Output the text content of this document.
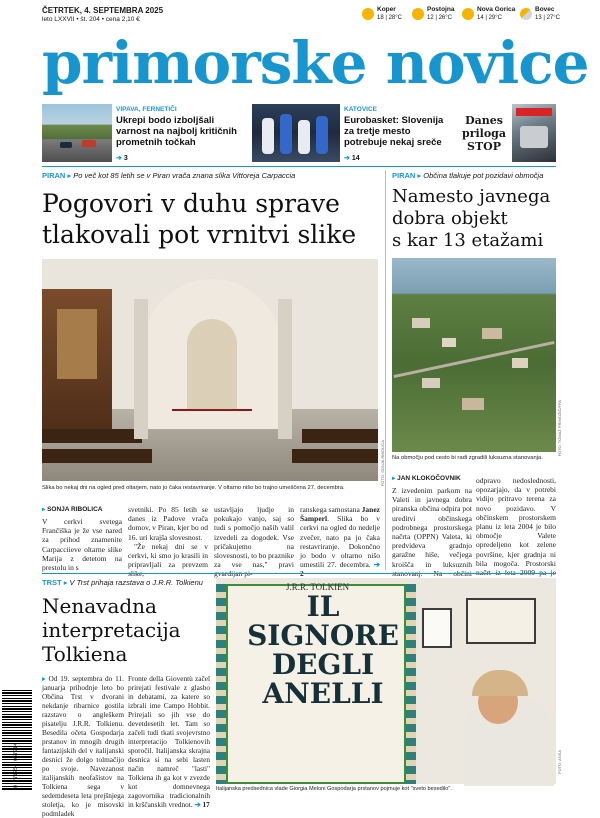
ČETRTEK, 4. SEPTEMBRA 2025
leto LXXVII • št. 204 • cena 2,10 €
Koper
18 | 28°C
Postojna
12 | 26°C
Nova Gorica
14 | 29°C
Bovec
13 | 27°C
primorske novice
VIPAVA, FERNETIČI
Ukrepi bodo izboljšali varnost na najbolj kritičnih prometnih točkah
➔ 3
KATOVICE
Eurobasket: Slovenija za tretje mesto potrebuje nekaj sreče
➔ 14
Danes
priloga
STOP
PIRAN ▸ Po več kot 85 letih se v Piran vrača znana slika Vittoreja Carpaccia
Pogovori v duhu sprave
tlakovali pot vrnitvi slike
FOTO: SONJA RIBOLICA
Slika bo nekaj dni na ogled pred oltarjem, nato jo čaka restavriranje. V oltarno nišo bo trajno umeščena 27. decembra.
▸ SONJA RIBOLICA
V cerkvi svetega Frančiška je že vse nared za prihod znamenite Carpacciieve oltarne slike Marija z detetom na prestolu in s

svetniki. Po 85 letih se danes iz Padove vrača domov, v Piran, kjer bo od 16. uri krajša slovesnost.

"Že nekaj dni se v cerkvi, ki smo jo krasili in pripravljali za prevzem

ustavljajo ljudje in pokukajo vanjo, saj so tudi s pomočjo naših valil izvedeli za dogodek. Vse pričakujemo na slovesnosti, to bo praznike za vse nas," pravi
ranskega samostana Janez Šamperl. Slika bo v cerkvi na ogled do nedelje zvečer, nato pa jo čaka restavriranje. Dokončno jo bodo v oltarno nišo umestili 27. decembra. ➔
PIRAN ▸ Občina tlakuje pot pozidavi območja
Namesto javnega
dobra objekt
s kar 13 etažami
FOTO: TOMAŽ PRIMOŽIČ/FPA
Na območju pod cesto bi radi zgradili luksuzna stanovanja.
▸ JAN KLOKOČOVNIK
Z izvedenim parkom na Valeti in javnega dobra piranska občina odpira pot ureditvi občinskega podrobnega prostorskega načrta (OPPN) Valeta, ki predvideva gradnjo garažne hiše, večjega kroišča in luksuznih
odpravo nedoslednosti, opozarjajo, da v potrebi vidijo pritravo terena za novo pozidavo. V občinskem prostorskem planu iz leta 2004 je bilo območje Valete opredeljeno kot zelene površine, kjer gradnja ni bila mogoča. Prostorski
TRST ▸ V Trst prihaja razstava o J.R.R. Tolkienu
Nenavadna
interpretacija
Tolkiena
▸ Od 19. septembra do 11. januarja prihodnje leto bo Občina Trst v dvorani nekdanje ribarnice gostila razstavo o angleškem pisatelju J.R.R. Tolkienu. Besedila očeta Gospodarja prstanov in mnogih drugih fantazijskih del v italijanski desnici že dolgo tolmačijo po svoje. Navezanost italijanskih neofašistov na Tolkiena sega v sedemdeseta leta prejšnjega stoletja, ko je misovski podmladek
Fronte della Gioventù začel prirejati festivale z glasbo in debatami, za katere so izbrali ime Campo Hobbit. Prirejali so jih vse do devetdesetih let. Tam so začeli tudi tkati svojevrstno interpretacijo Tolkienovih sporočil. Italijanska skrajna desnica si na sebi lasten način namreč "lasti" Tolkiena ih ga kot v zvezde kot domnevnega zagovornika tradicionalnih in krščanskih vrednot. ➔ 17
J.R.R. TOLKIEN
IL SIGNORE
DEGLI
ANELLI
FOTO: ANSA
Italijanska predsednica vlade Giorgia Meloni Gospodarja prstanov pojmuje kot "sveto besedilo".
9 771854 057014
